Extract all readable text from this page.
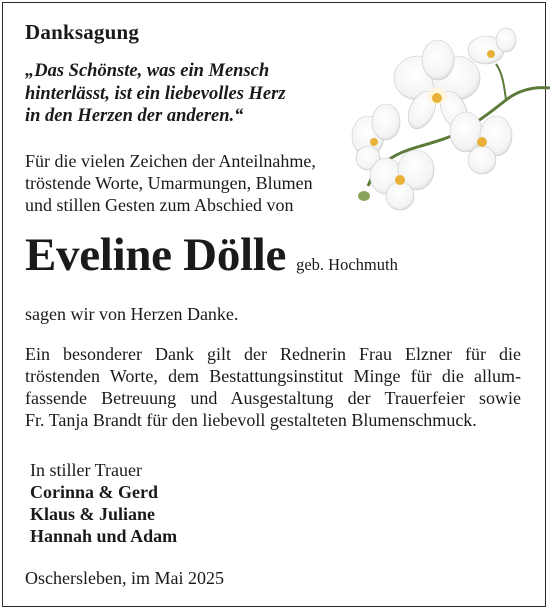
Danksagung
„Das Schönste, was ein Mensch
hinterlässt, ist ein liebevolles Herz
in den Herzen der anderen.“
Für die vielen Zeichen der Anteilnahme,
tröstende Worte, Umarmungen, Blumen
und stillen Gesten zum Abschied von
Eveline Dölle geb. Hochmuth
sagen wir von Herzen Danke.
Ein besonderer Dank gilt der Rednerin Frau Elzner für die
tröstenden Worte, dem Bestattungsinstitut Minge für die allum-
fassende Betreuung und Ausgestaltung der Trauerfeier sowie
Fr. Tanja Brandt für den liebevoll gestalteten Blumenschmuck.
In stiller Trauer
Corinna & Gerd
Klaus & Juliane
Hannah und Adam
Oschersleben, im Mai 2025
